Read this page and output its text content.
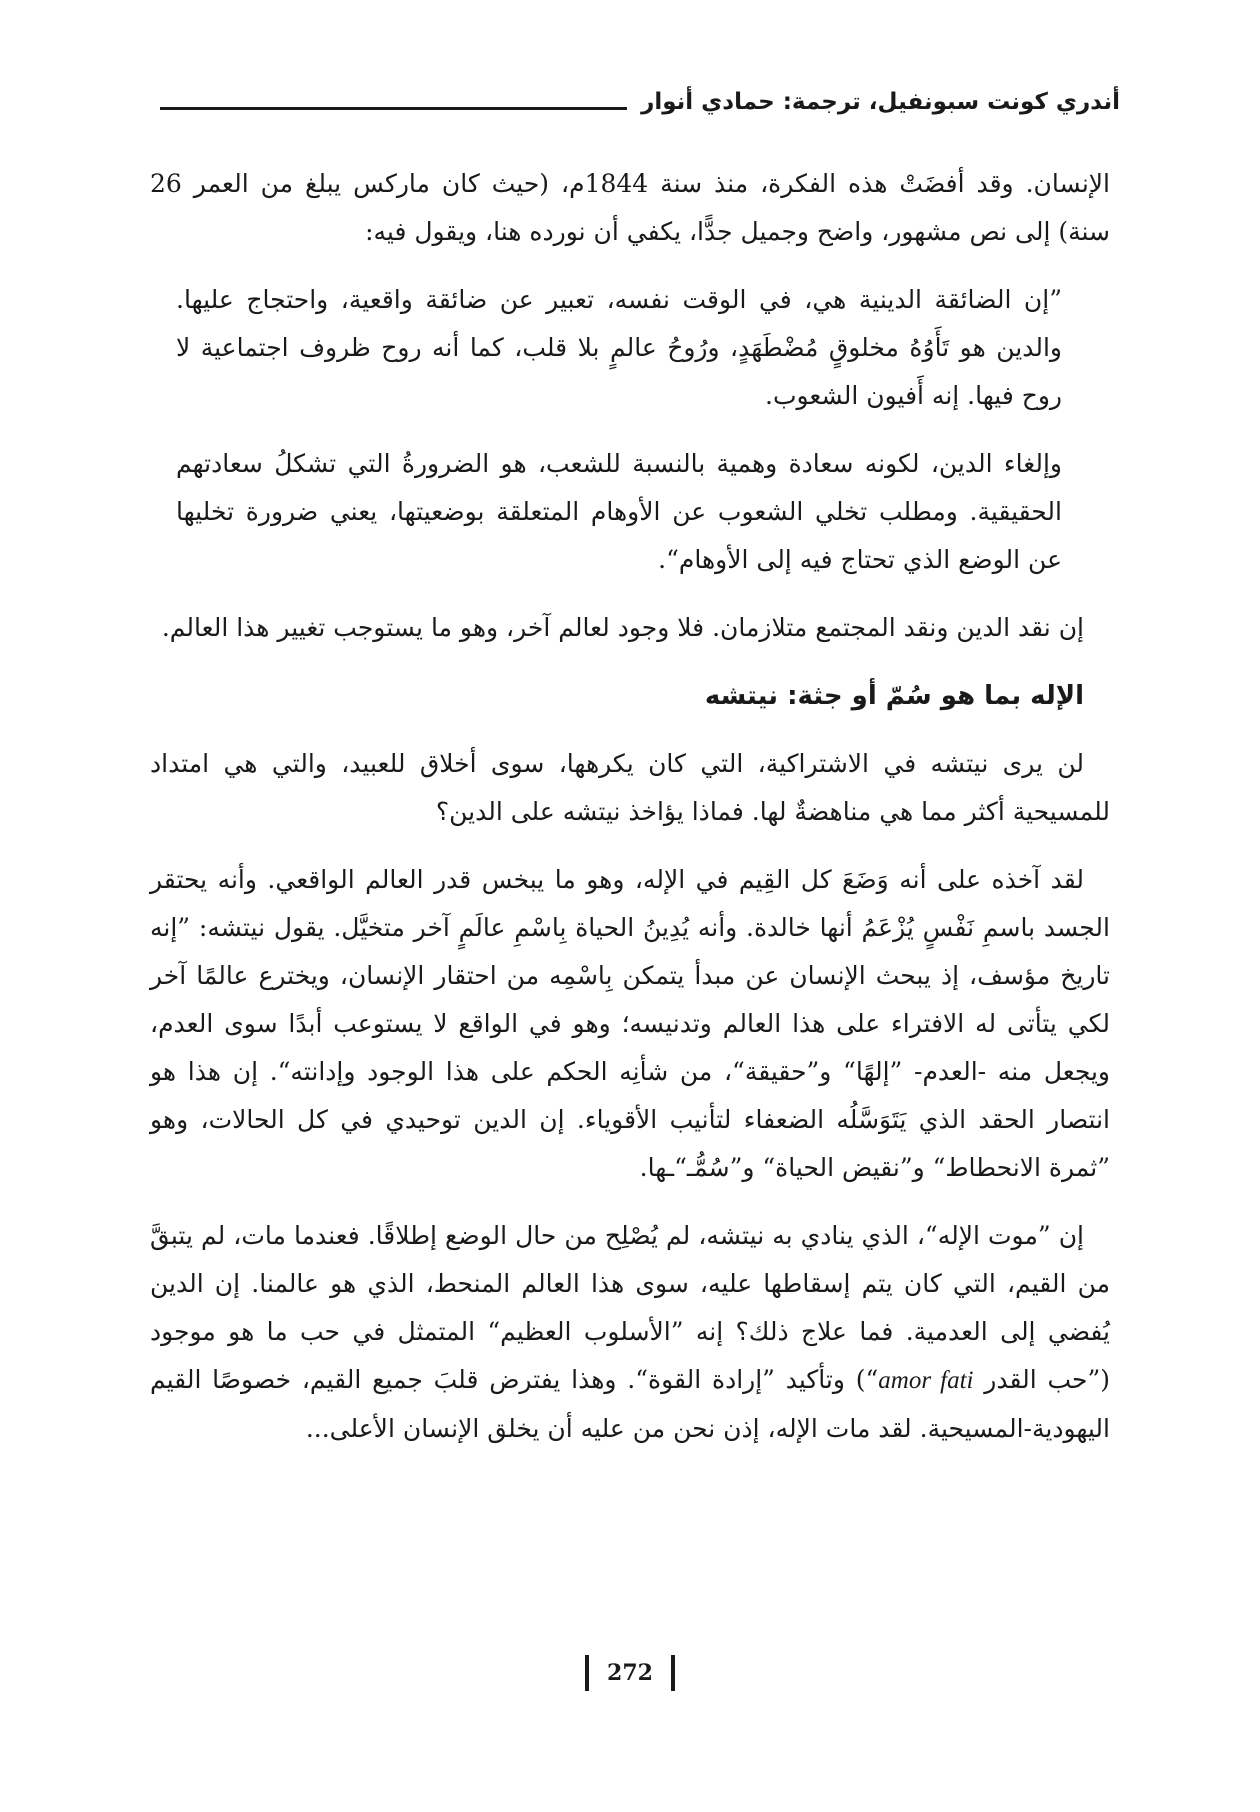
أندري كونت سبونفيل، ترجمة: حمادي أنوار

الإنسان. وقد أفضَتْ هذه الفكرة، منذ سنة 1844م، (حيث كان ماركس يبلغ من العمر 26 سنة) إلى نص مشهور، واضح وجميل جدًّا، يكفي أن نورده هنا، ويقول فيه:

”إن الضائقة الدينية هي، في الوقت نفسه، تعبير عن ضائقة واقعية، واحتجاج عليها. والدين هو تَأَوُهُ مخلوقٍ مُضْطَهَدٍ، ورُوحُ عالمٍ بلا قلب، كما أنه روح ظروف اجتماعية لا روح فيها. إنه أَفيون الشعوب.

وإلغاء الدين، لكونه سعادة وهمية بالنسبة للشعب، هو الضرورةُ التي تشكلُ سعادتهم الحقيقية. ومطلب تخلي الشعوب عن الأوهام المتعلقة بوضعيتها، يعني ضرورة تخليها عن الوضع الذي تحتاج فيه إلى الأوهام“.

إن نقد الدين ونقد المجتمع متلازمان. فلا وجود لعالم آخر، وهو ما يستوجب تغيير هذا العالم.

الإله بما هو سُمّ أو جثة: نيتشه

لن يرى نيتشه في الاشتراكية، التي كان يكرهها، سوى أخلاق للعبيد، والتي هي امتداد للمسيحية أكثر مما هي مناهضةٌ لها. فماذا يؤاخذ نيتشه على الدين؟

لقد آخذه على أنه وَضَعَ كل القِيم في الإله، وهو ما يبخس قدر العالم الواقعي. وأنه يحتقر الجسد باسمِ نَفْسٍ يُزْعَمُ أنها خالدة. وأنه يُدِينُ الحياة بِاسْمِ عالَمٍ آخر متخيَّل. يقول نيتشه: ”إنه تاريخ مؤسف، إذ يبحث الإنسان عن مبدأ يتمكن بِاسْمِه من احتقار الإنسان، ويخترع عالمًا آخر لكي يتأتى له الافتراء على هذا العالم وتدنيسه؛ وهو في الواقع لا يستوعب أبدًا سوى العدم، ويجعل منه -العدم- ”إلهًا“ و”حقيقة“، من شأنِه الحكم على هذا الوجود وإدانته“. إن هذا هو انتصار الحقد الذي يَتَوَسَّلُه الضعفاء لتأنيب الأقوياء. إن الدين توحيدي في كل الحالات، وهو ”ثمرة الانحطاط“ و”نقيض الحياة“ و”سُمُّـ“ـها.

إن ”موت الإله“، الذي ينادي به نيتشه، لم يُصْلِح من حال الوضع إطلاقًا. فعندما مات، لم يتبقَّ من القيم، التي كان يتم إسقاطها عليه، سوى هذا العالم المنحط، الذي هو عالمنا. إن الدين يُفضي إلى العدمية. فما علاج ذلك؟ إنه ”الأسلوب العظيم“ المتمثل في حب ما هو موجود (”حب القدر amor fati“) وتأكيد ”إرادة القوة“. وهذا يفترض قلبَ جميع القيم، خصوصًا القيم اليهودية-المسيحية. لقد مات الإله، إذن نحن من عليه أن يخلق الإنسان الأعلى...

272
